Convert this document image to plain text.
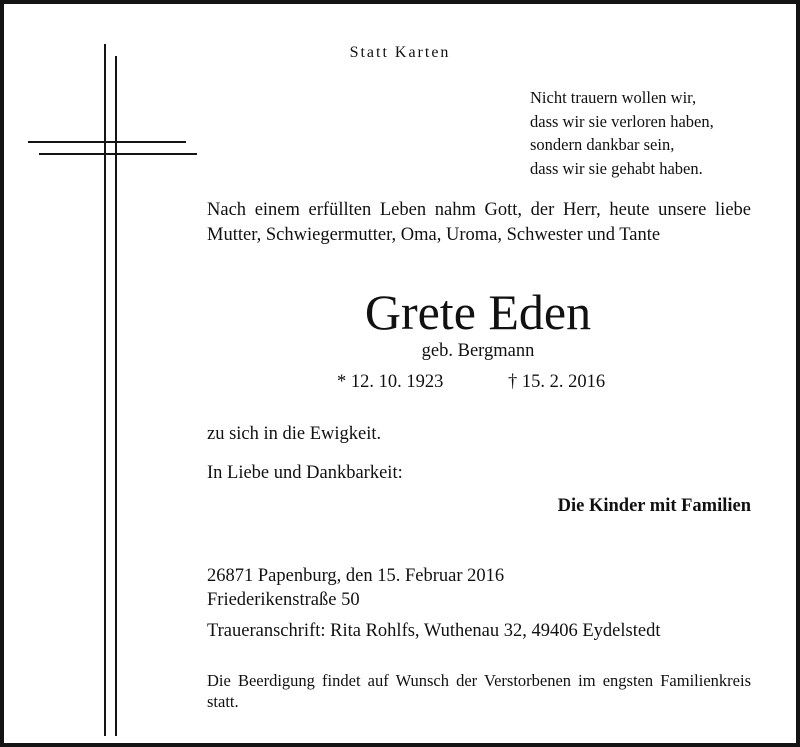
Statt Karten
Nicht trauern wollen wir,
dass wir sie verloren haben,
sondern dankbar sein,
dass wir sie gehabt haben.
Nach einem erfüllten Leben nahm Gott, der Herr, heute unsere liebe Mutter, Schwiegermutter, Oma, Uroma, Schwester und Tante
Grete Eden
geb. Bergmann
* 12. 10. 1923	† 15. 2. 2016
zu sich in die Ewigkeit.
In Liebe und Dankbarkeit:
Die Kinder mit Familien
26871 Papenburg, den 15. Februar 2016
Friederikenstraße 50
Traueranschrift: Rita Rohlfs, Wuthenau 32, 49406 Eydelstedt
Die Beerdigung findet auf Wunsch der Verstorbenen im engsten Familienkreis statt.
